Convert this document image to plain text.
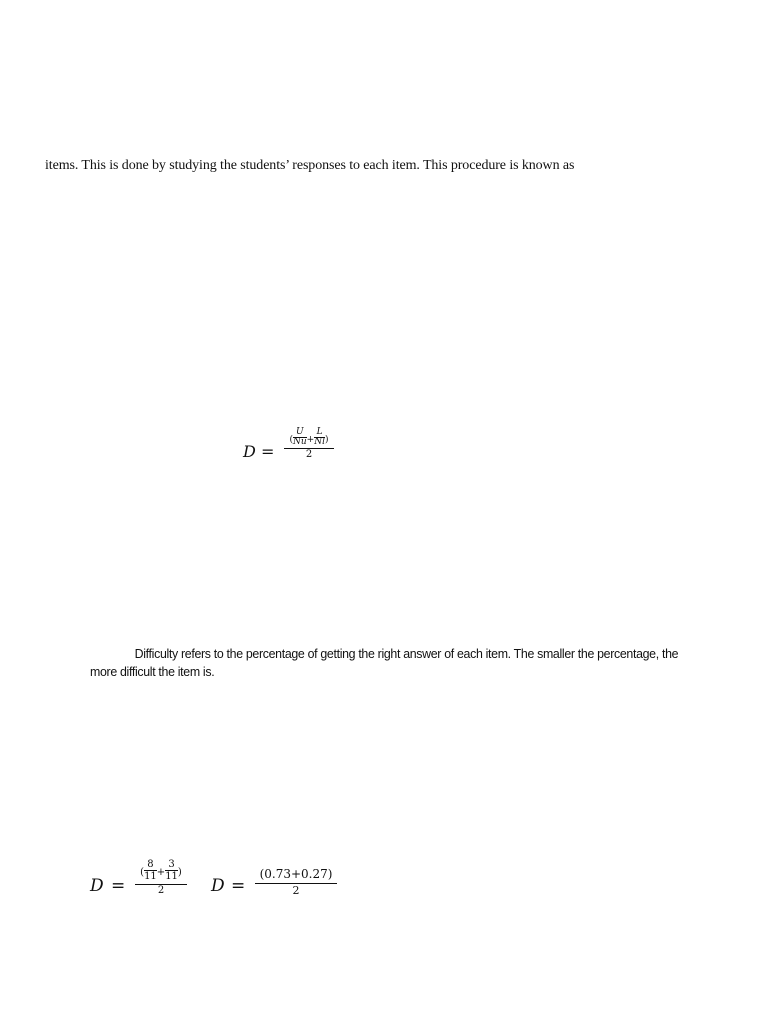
items. This is done by studying the students’ responses to each item. This procedure is known as
D =
( $\frac{U}{Nu} + \frac{L}{Nl}$ )
2
Difficulty refers to the percentage of getting the right answer of each item. The smaller the percentage, the
more difficult the item is.
D =
( $\frac{8}{11} + \frac{3}{11}$ )
2	D =
(0.73+0.27)
2
